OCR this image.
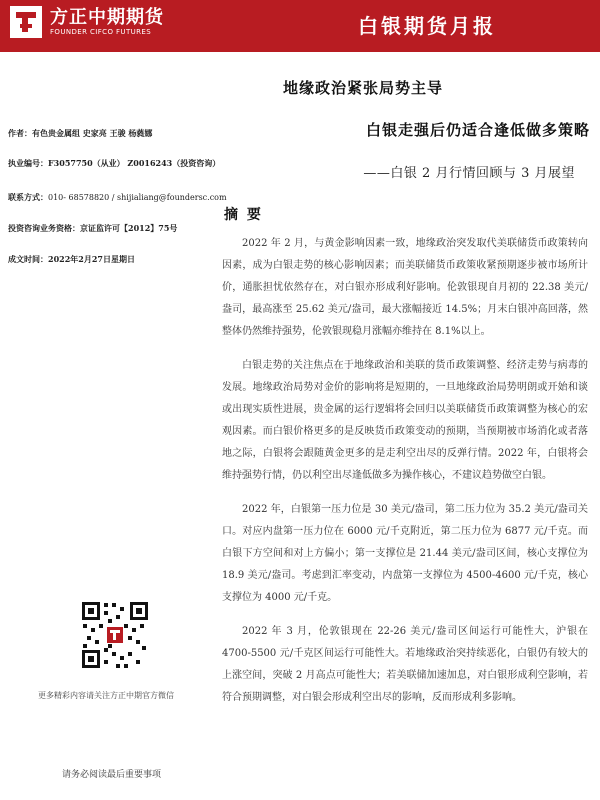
方正中期期货
FOUNDER CIFCO FUTURES	白银期货月报
地缘政治紧张局势主导
白银走强后仍适合逢低做多策略
——白银 2 月行情回顾与 3 月展望
作者：有色贵金属组 史家亮 王骏 杨蕤娜
执业编号：F3057750（从业） Z0016243（投资咨询）
联系方式：010- 68578820 / shijialiang@foundersc.com
投资咨询业务资格：京证监许可【2012】75号
成文时间：2022年2月27日星期日
摘 要

2022 年 2 月，与黄金影响因素一致，地缘政治突发取代美联储货币政策转向因素，成为白银走势的核心影响因素；而美联储货币政策收紧预期逐步被市场所计价，通胀担忧依然存在，对白银亦形成利好影响。伦敦银现自月初的 22.38 美元/盎司，最高涨至 25.62 美元/盎司，最大涨幅接近 14.5%；月末白银冲高回落，然整体仍然维持强势，伦敦银现稳月涨幅亦维持在 8.1%以上。

白银走势的关注焦点在于地缘政治和美联的货币政策调整、经济走势与病毒的发展。地缘政治局势对金价的影响将是短期的，一旦地缘政治局势明朗或开始和谈或出现实质性进展，贵金属的运行逻辑将会回归以美联储货币政策调整为核心的宏观因素。而白银价格更多的是反映货币政策变动的预期，当预期被市场消化或者落地之际，白银将会跟随黄金更多的是走利空出尽的反弹行情。2022 年，白银将会维持强势行情，仍以利空出尽逢低做多为操作核心，不建议趋势做空白银。

2022 年，白银第一压力位是 30 美元/盎司，第二压力位为 35.2 美元/盎司关口。对应内盘第一压力位在 6000 元/千克附近，第二压力位为 6877 元/千克。而白银下方空间和对上方偏小；第一支撑位是 21.44 美元/盎司区间，核心支撑位为 18.9 美元/盎司。考虑到汇率变动，内盘第一支撑位为 4500-4600 元/千克，核心支撑位为 4000 元/千克。

2022 年 3 月，伦敦银现在 22-26 美元/盎司区间运行可能性大，沪银在 4700-5500 元/千克区间运行可能性大。若地缘政治突持续恶化，白银仍有较大的上涨空间，突破 2 月高点可能性大；若美联储加速加息，对白银形成利空影响，若符合预期调整，对白银会形成利空出尽的影响，反而形成利多影响。

更多精彩内容请关注方正中期官方微信
请务必阅读最后重要事项
